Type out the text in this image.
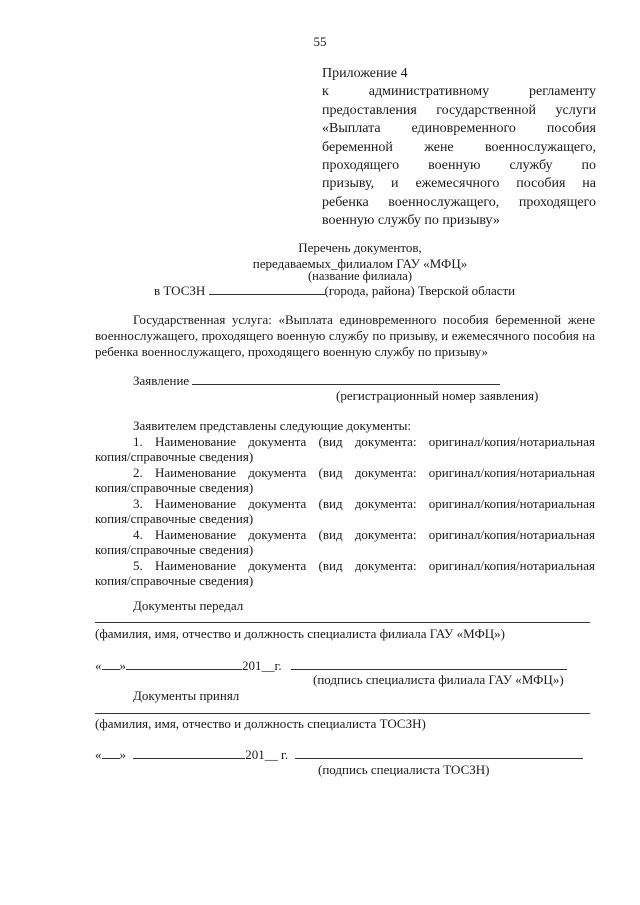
55
Приложение 4
к административному регламенту
предоставления государственной услуги
«Выплата единовременного пособия
беременной жене военнослужащего,
проходящего военную службу по
призыву, и ежемесячного пособия на
ребенка военнослужащего, проходящего
военную службу по призыву»
Перечень документов,
передаваемых_филиалом ГАУ «МФЦ»
(название филиала)
в ТОСЗН	(города, района) Тверской области
Государственная услуга: «Выплата единовременного пособия беременной жене
военнослужащего, проходящего военную службу по призыву, и ежемесячного пособия на
ребенка военнослужащего, проходящего военную службу по призыву»
Заявление
(регистрационный номер заявления)
Заявителем представлены следующие документы:
1. Наименование документа (вид документа: оригинал/копия/нотариальная
копия/справочные сведения)
2. Наименование документа (вид документа: оригинал/копия/нотариальная
копия/справочные сведения)
3. Наименование документа (вид документа: оригинал/копия/нотариальная
копия/справочные сведения)
4. Наименование документа (вид документа: оригинал/копия/нотариальная
копия/справочные сведения)
5. Наименование документа (вид документа: оригинал/копия/нотариальная
копия/справочные сведения)
Документы передал
(фамилия, имя, отчество и должность специалиста филиала ГАУ «МФЦ»)
« »	201__г.
(подпись специалиста филиала ГАУ «МФЦ»)
Документы принял
(фамилия, имя, отчество и должность специалиста ТОСЗН)
« »	201__ г.
(подпись специалиста ТОСЗН)
